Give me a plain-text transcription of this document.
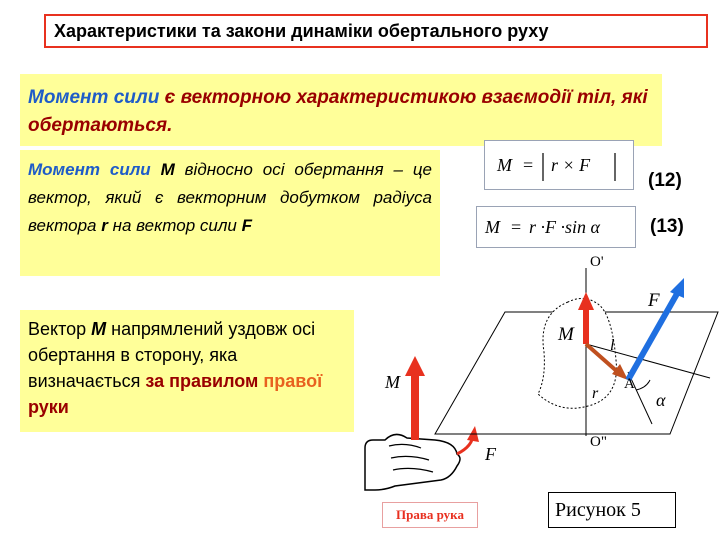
Характеристики та закони динаміки обертального руху
Момент сили є векторною характеристикою взаємодії тіл, які обертаються.
Момент сили M відносно осі обертання – це вектор, який є векторним добутком радіуса вектора r на вектор сили F
M = r × F
(12)
M = r ·F ·sin α	(13)
Вектор M напрямлений уздовж осі обертання в сторону, яка визначається за правилом правої руки
M
F
Права рука
O'
O"
F
M
l
r
A
α
Рисунок 5
